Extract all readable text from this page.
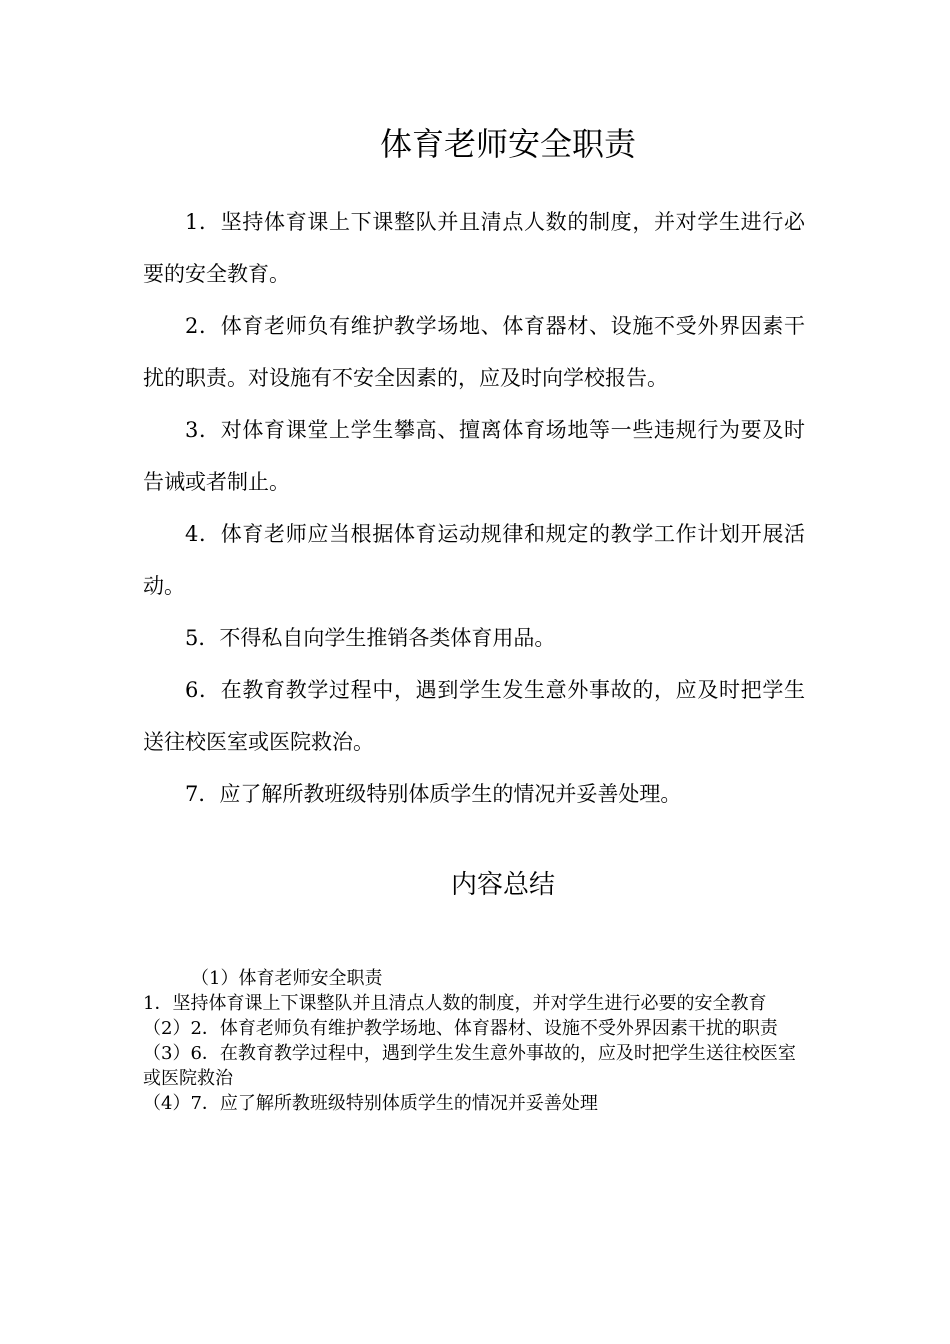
体育老师安全职责

1．坚持体育课上下课整队并且清点人数的制度，并对学生进行必要的安全教育。

2．体育老师负有维护教学场地、体育器材、设施不受外界因素干扰的职责。对设施有不安全因素的，应及时向学校报告。

3．对体育课堂上学生攀高、擅离体育场地等一些违规行为要及时告诫或者制止。

4．体育老师应当根据体育运动规律和规定的教学工作计划开展活动。

5．不得私自向学生推销各类体育用品。

6．在教育教学过程中，遇到学生发生意外事故的，应及时把学生送往校医室或医院救治。

7．应了解所教班级特别体质学生的情况并妥善处理。

内容总结

（1）体育老师安全职责

1．坚持体育课上下课整队并且清点人数的制度，并对学生进行必要的安全教育

（2）2．体育老师负有维护教学场地、体育器材、设施不受外界因素干扰的职责

（3）6．在教育教学过程中，遇到学生发生意外事故的，应及时把学生送往校医室或医院救治

（4）7．应了解所教班级特别体质学生的情况并妥善处理
